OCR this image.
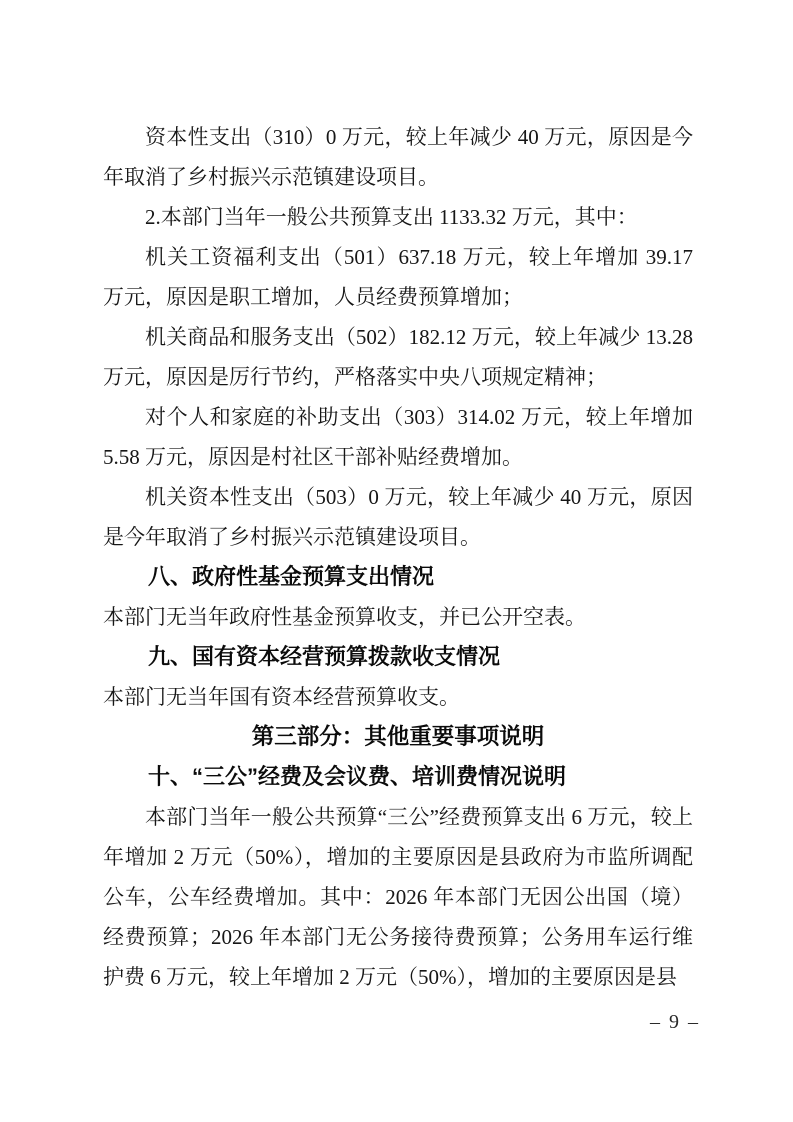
资本性支出（310）0 万元，较上年减少 40 万元，原因是今年取消了乡村振兴示范镇建设项目。

2.本部门当年一般公共预算支出 1133.32 万元，其中：

机关工资福利支出（501）637.18 万元，较上年增加 39.17 万元，原因是职工增加，人员经费预算增加；

机关商品和服务支出（502）182.12 万元，较上年减少 13.28 万元，原因是厉行节约，严格落实中央八项规定精神；

对个人和家庭的补助支出（303）314.02 万元，较上年增加 5.58 万元，原因是村社区干部补贴经费增加。

机关资本性支出（503）0 万元，较上年减少 40 万元，原因是今年取消了乡村振兴示范镇建设项目。

八、政府性基金预算支出情况

本部门无当年政府性基金预算收支，并已公开空表。

九、国有资本经营预算拨款收支情况

本部门无当年国有资本经营预算收支。

第三部分：其他重要事项说明

十、“三公”经费及会议费、培训费情况说明

本部门当年一般公共预算“三公”经费预算支出 6 万元，较上年增加 2 万元（50%），增加的主要原因是县政府为市监所调配公车，公车经费增加。其中：2026 年本部门无因公出国（境）经费预算；2026 年本部门无公务接待费预算；公务用车运行维护费 6 万元，较上年增加 2 万元（50%），增加的主要原因是县

– 9 –
